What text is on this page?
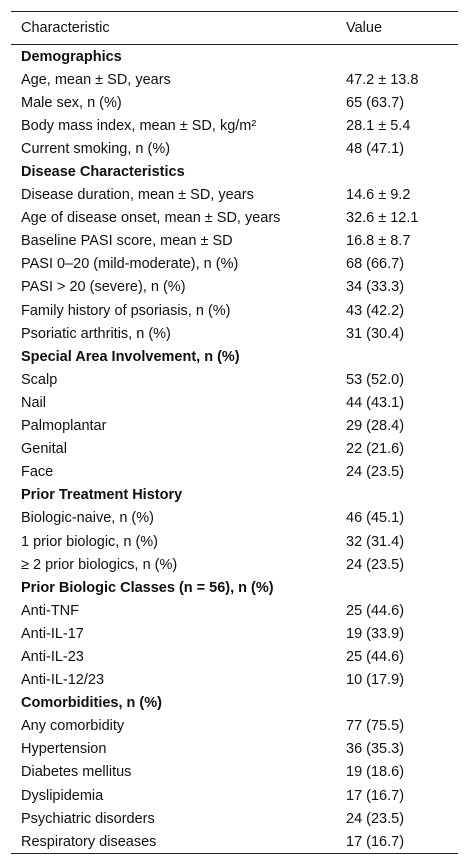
Characteristic	Value
Demographics	
Age, mean ± SD, years	47.2 ± 13.8
Male sex, n (%)	65 (63.7)
Body mass index, mean ± SD, kg/m²	28.1 ± 5.4
Current smoking, n (%)	48 (47.1)
Disease Characteristics	
Disease duration, mean ± SD, years	14.6 ± 9.2
Age of disease onset, mean ± SD, years	32.6 ± 12.1
Baseline PASI score, mean ± SD	16.8 ± 8.7
PASI 0–20 (mild-moderate), n (%)	68 (66.7)
PASI > 20 (severe), n (%)	34 (33.3)
Family history of psoriasis, n (%)	43 (42.2)
Psoriatic arthritis, n (%)	31 (30.4)
Special Area Involvement, n (%)	
Scalp	53 (52.0)
Nail	44 (43.1)
Palmoplantar	29 (28.4)
Genital	22 (21.6)
Face	24 (23.5)
Prior Treatment History	
Biologic-naive, n (%)	46 (45.1)
1 prior biologic, n (%)	32 (31.4)
≥ 2 prior biologics, n (%)	24 (23.5)
Prior Biologic Classes (n = 56), n (%)	
Anti-TNF	25 (44.6)
Anti-IL-17	19 (33.9)
Anti-IL-23	25 (44.6)
Anti-IL-12/23	10 (17.9)
Comorbidities, n (%)	
Any comorbidity	77 (75.5)
Hypertension	36 (35.3)
Diabetes mellitus	19 (18.6)
Dyslipidemia	17 (16.7)
Psychiatric disorders	24 (23.5)
Respiratory diseases	17 (16.7)
